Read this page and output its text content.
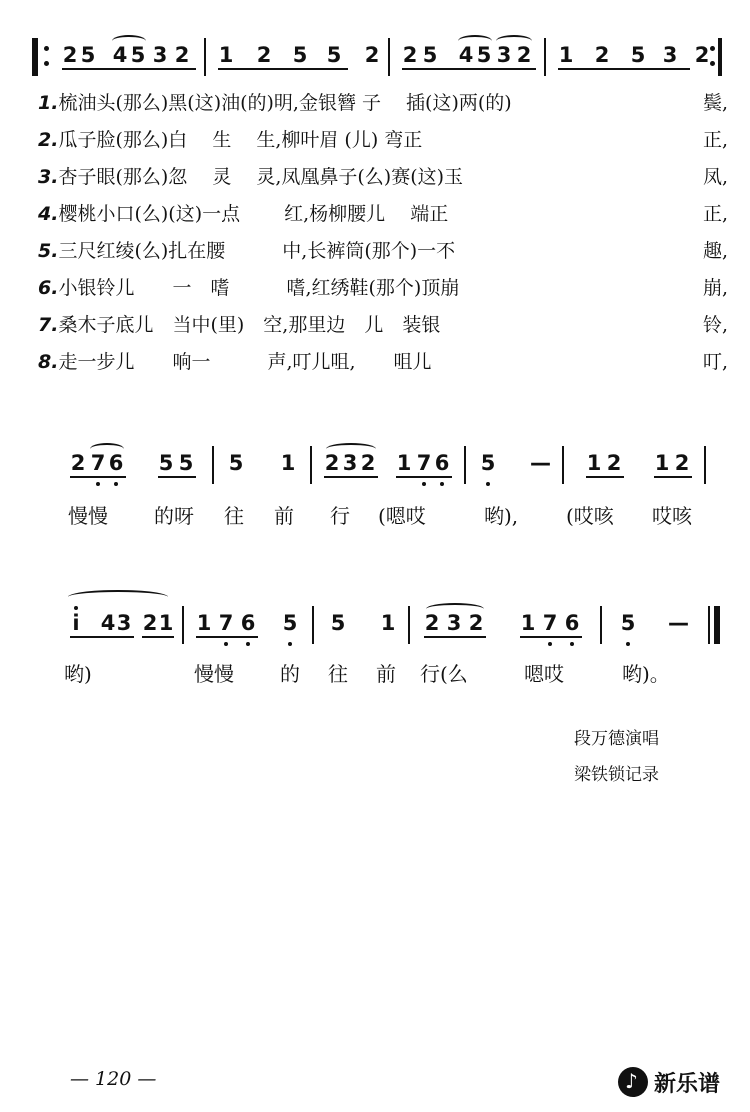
2 5 4 5 3 2 1 2 5 5 2 2 5 4 5 3 2 1 2 5 3 2
1.梳油头(那么)黑(这)油(的)明,金银簪 子　 插(这)两(的)	鬓,
2.瓜子脸(那么)白　 生　 生,柳叶眉 (儿) 弯正	正,
3.杏子眼(那么)忽　 灵　 灵,凤凰鼻子(么)赛(这)玉	凤,
4.樱桃小口(么)(这)一点　　 红,杨柳腰儿　 端正	正,
5.三尺红绫(么)扎在腰　　　中,长裤筒(那个)一不	趣,
6.小银铃儿　　一　嗜　　　嗜,红绣鞋(那个)顶崩	崩,
7.桑木子底儿　当中(里)　空,那里边　儿　装银	铃,
8.走一步儿　　响一　　　声,叮儿咀,　　咀儿	叮,
2 7 6 5 5 5 1 2 3 2 1 7 6 5 — 1 2 1 2
慢慢 的呀 往 前 行 (嗯哎	哟), (哎咳 哎咳
i	4 3 2 1 1 7 6 5 5 1 2 3 2 1 7 6 5 —
哟)	慢慢 的 往 前 行(么	嗯哎	哟)。
段万德演唱
梁铁锁记录
— 120 —
♪	新乐谱
